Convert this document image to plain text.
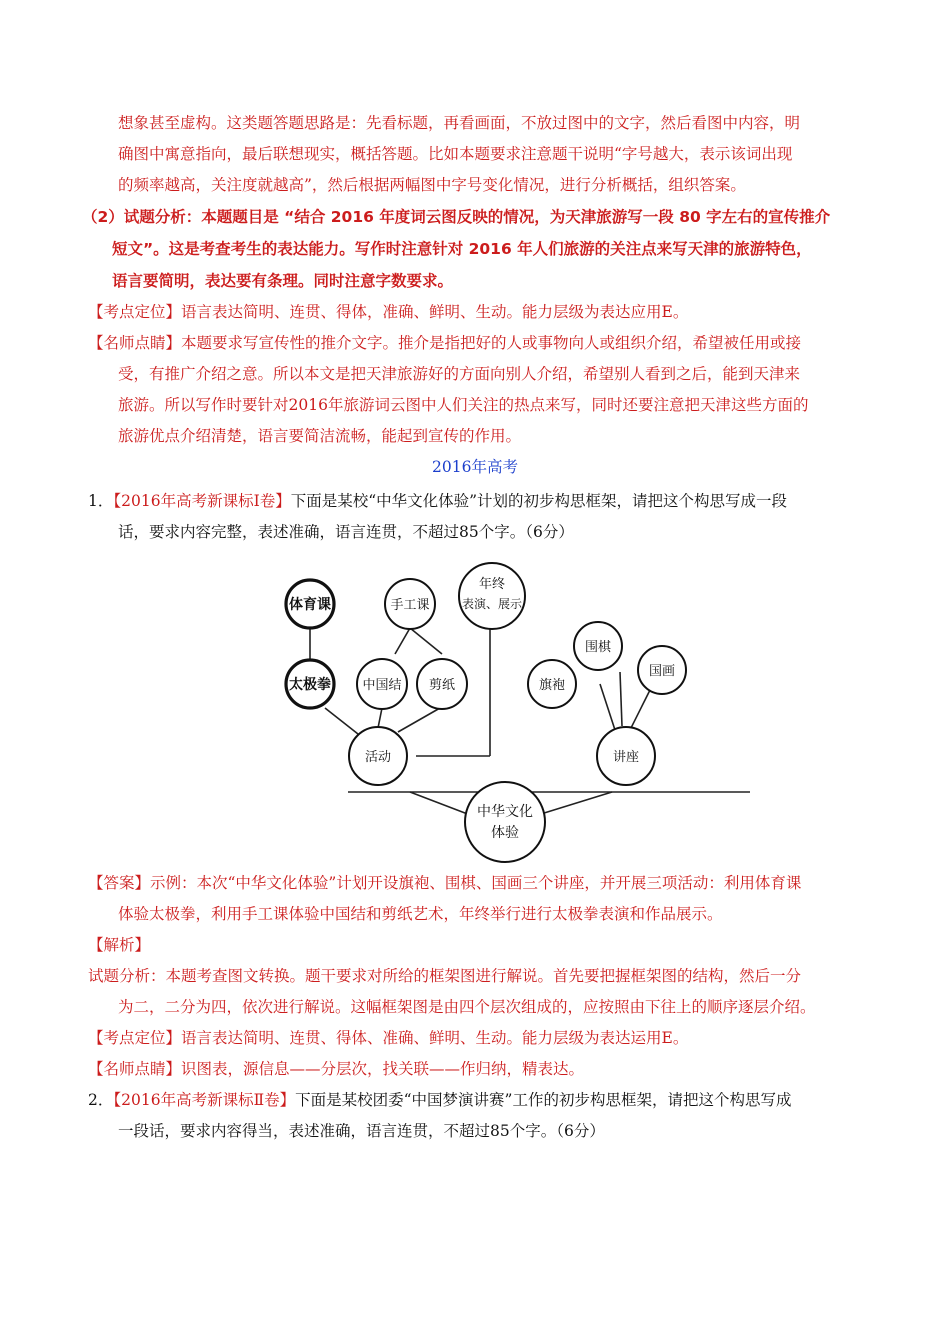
想象甚至虚构。这类题答题思路是：先看标题，再看画面，不放过图中的文字，然后看图中内容，明
确图中寓意指向，最后联想现实，概括答题。比如本题要求注意题干说明“字号越大，表示该词出现
的频率越高，关注度就越高”，然后根据两幅图中字号变化情况，进行分析概括，组织答案。
（2）试题分析：本题题目是 “结合 2016 年度词云图反映的情况，为天津旅游写一段 80 字左右的宣传推介
短文”。这是考查考生的表达能力。写作时注意针对 2016 年人们旅游的关注点来写天津的旅游特色，
语言要简明，表达要有条理。同时注意字数要求。
【考点定位】语言表达简明、连贯、得体，准确、鲜明、生动。能力层级为表达应用E。
【名师点睛】本题要求写宣传性的推介文字。推介是指把好的人或事物向人或组织介绍，希望被任用或接
受，有推广介绍之意。所以本文是把天津旅游好的方面向别人介绍，希望别人看到之后，能到天津来
旅游。所以写作时要针对2016年旅游词云图中人们关注的热点来写，同时还要注意把天津这些方面的
旅游优点介绍清楚，语言要简洁流畅，能起到宣传的作用。
2016年高考
1．【2016年高考新课标Ⅰ卷】下面是某校“中华文化体验”计划的初步构思框架，请把这个构思写成一段
话，要求内容完整，表述准确，语言连贯，不超过85个字。（6分）
体育课
太极拳
手工课
中国结 剪纸
年终
表演、展示
活动
旗袍
围棋
国画
讲座
中华文化
体验
【答案】示例：本次“中华文化体验”计划开设旗袍、围棋、国画三个讲座，并开展三项活动：利用体育课
体验太极拳，利用手工课体验中国结和剪纸艺术，年终举行进行太极拳表演和作品展示。
【解析】
试题分析：本题考查图文转换。题干要求对所给的框架图进行解说。首先要把握框架图的结构，然后一分
为二，二分为四，依次进行解说。这幅框架图是由四个层次组成的，应按照由下往上的顺序逐层介绍。
【考点定位】语言表达简明、连贯、得体、准确、鲜明、生动。能力层级为表达运用E。
【名师点睛】识图表，源信息——分层次，找关联——作归纳，精表达。
2．【2016年高考新课标Ⅱ卷】下面是某校团委“中国梦演讲赛”工作的初步构思框架，请把这个构思写成
一段话，要求内容得当，表述准确，语言连贯，不超过85个字。（6分）
